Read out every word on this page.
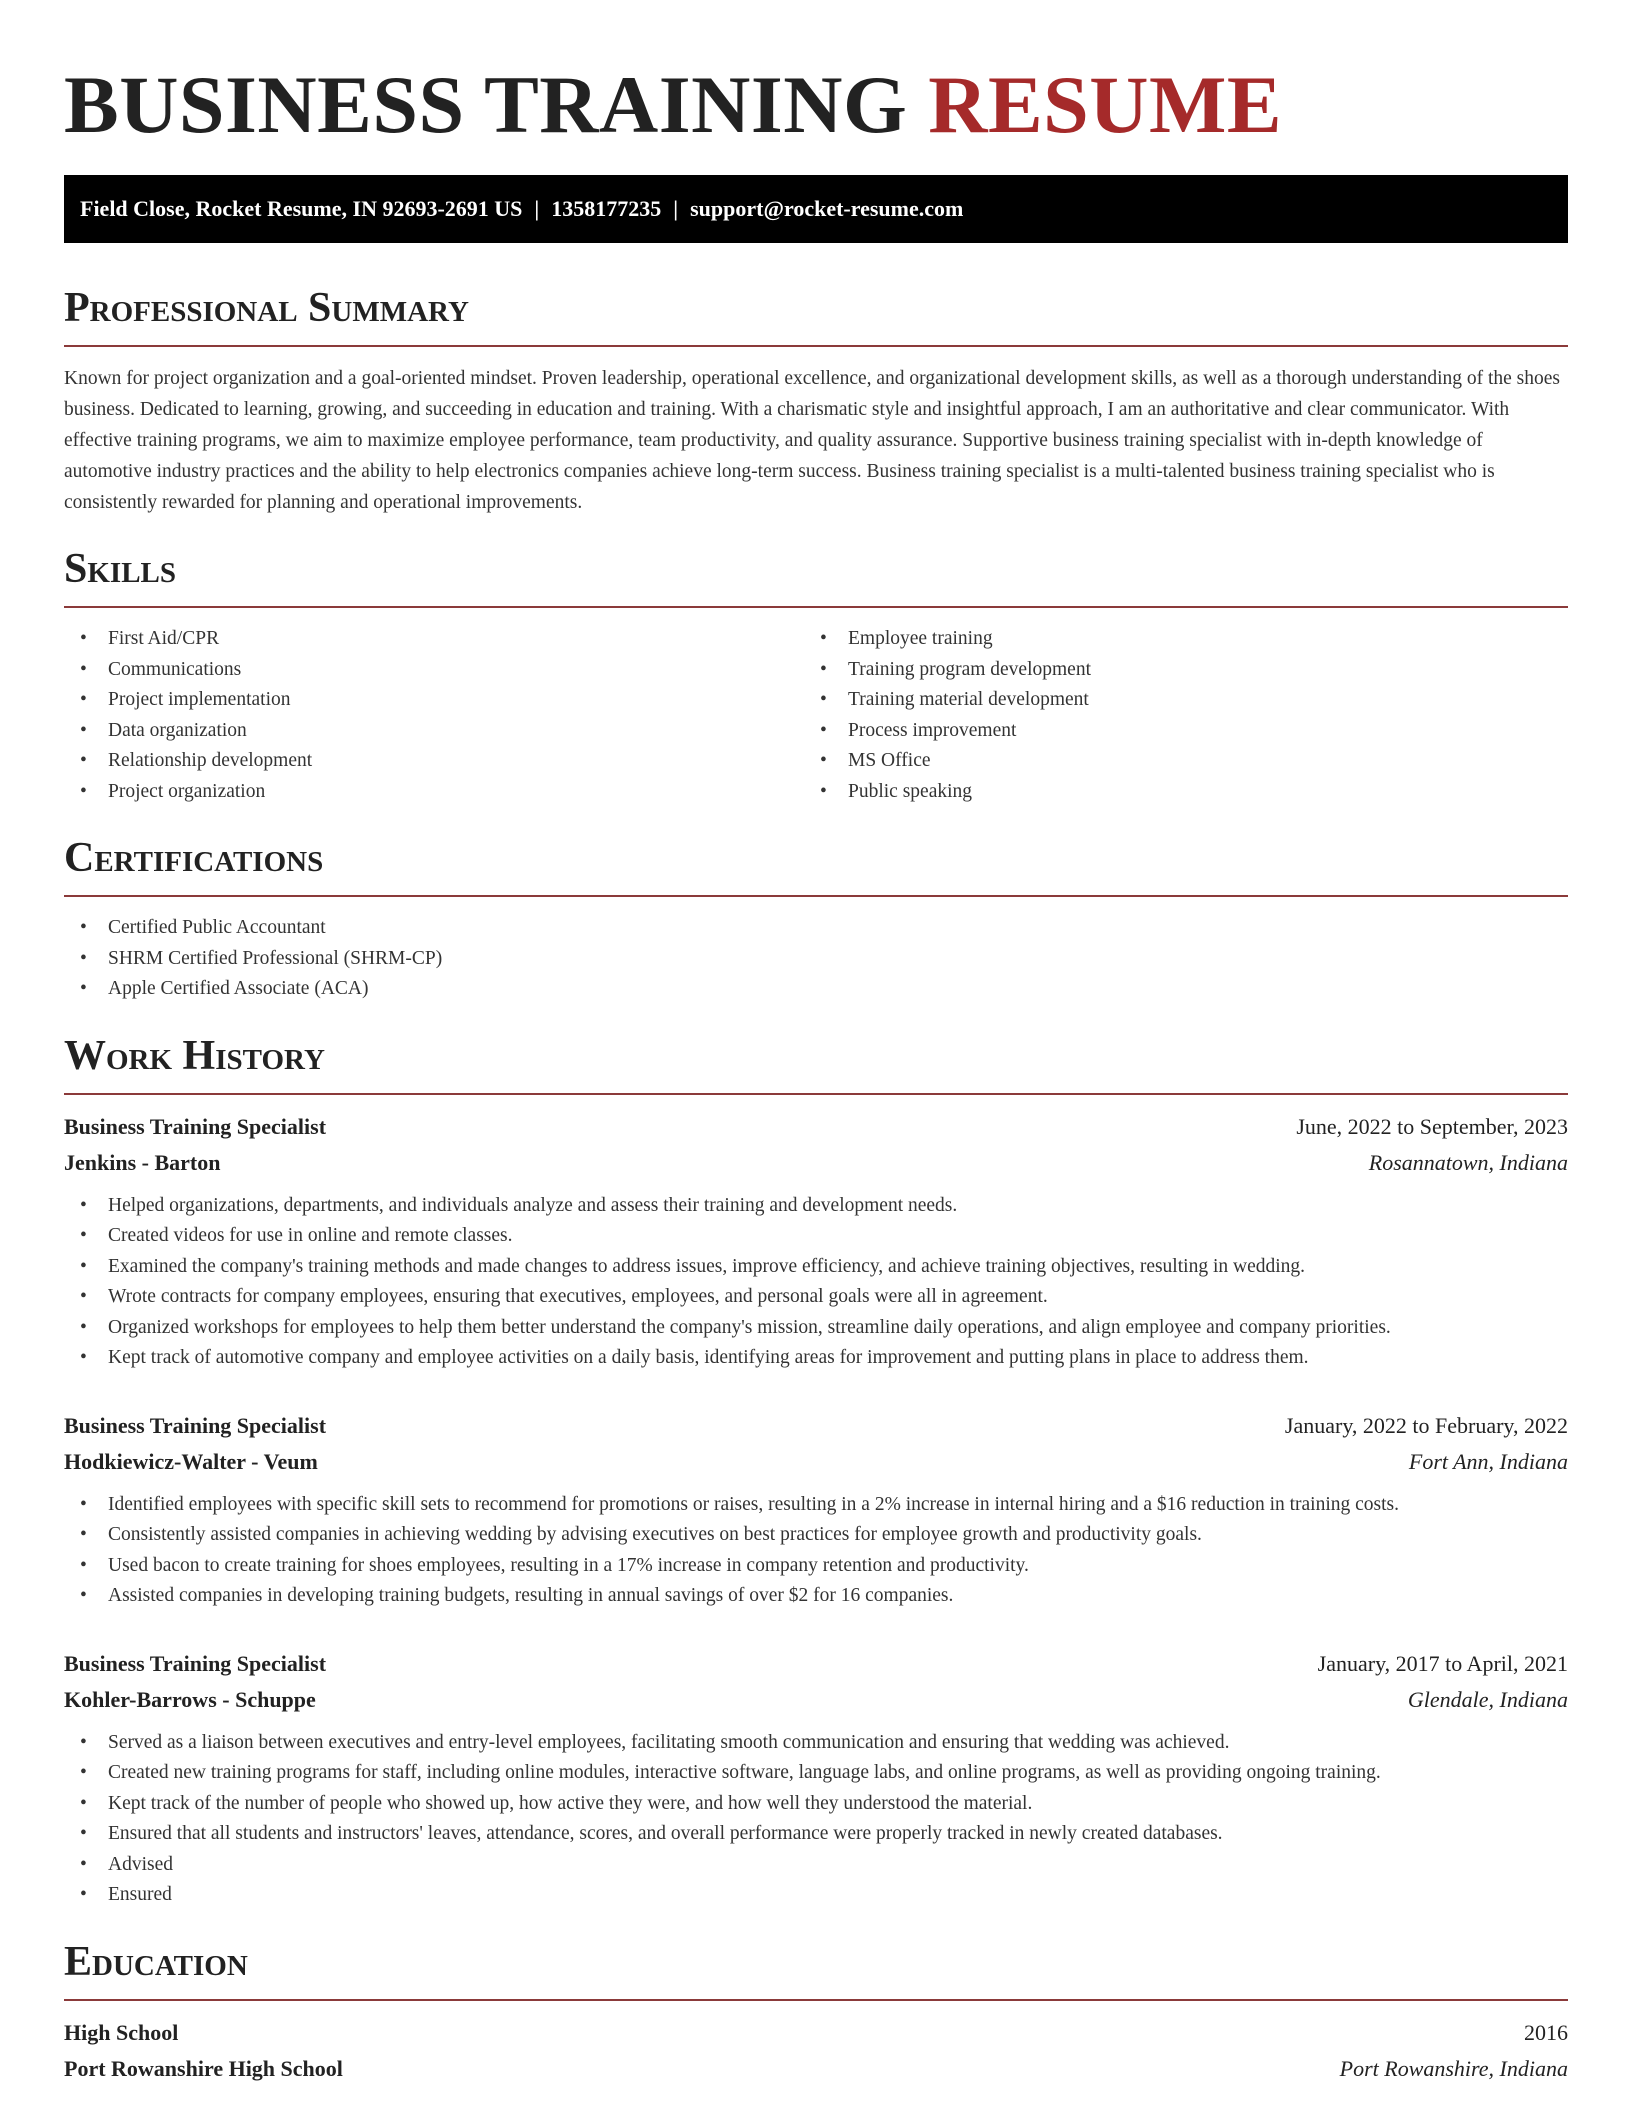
BUSINESS TRAINING RESUME
Field Close, Rocket Resume, IN 92693-2691 US | 1358177235 | support@rocket-resume.com
Professional Summary

Known for project organization and a goal-oriented mindset. Proven leadership, operational excellence, and organizational development skills, as well as a thorough understanding of the shoes business. Dedicated to learning, growing, and succeeding in education and training. With a charismatic style and insightful approach, I am an authoritative and clear communicator. With effective training programs, we aim to maximize employee performance, team productivity, and quality assurance. Supportive business training specialist with in-depth knowledge of automotive industry practices and the ability to help electronics companies achieve long-term success. Business training specialist is a multi-talented business training specialist who is consistently rewarded for planning and operational improvements.

Skills
• First Aid/CPR
• Communications
• Project implementation
• Data organization
• Relationship development
• Project organization
• Employee training
• Training program development
• Training material development
• Process improvement
• MS Office
• Public speaking
Certifications
• Certified Public Accountant
• SHRM Certified Professional (SHRM-CP)
• Apple Certified Associate (ACA)
Work History
Business Training Specialist	June, 2022 to September, 2023
Jenkins - Barton	Rosannatown, Indiana
• Helped organizations, departments, and individuals analyze and assess their training and development needs.
• Created videos for use in online and remote classes.
• Examined the company's training methods and made changes to address issues, improve efficiency, and achieve training objectives, resulting in wedding.
• Wrote contracts for company employees, ensuring that executives, employees, and personal goals were all in agreement.
• Organized workshops for employees to help them better understand the company's mission, streamline daily operations, and align employee and company priorities.
• Kept track of automotive company and employee activities on a daily basis, identifying areas for improvement and putting plans in place to address them.
Business Training Specialist	January, 2022 to February, 2022
Hodkiewicz-Walter - Veum	Fort Ann, Indiana
• Identified employees with specific skill sets to recommend for promotions or raises, resulting in a 2% increase in internal hiring and a $16 reduction in training costs.
• Consistently assisted companies in achieving wedding by advising executives on best practices for employee growth and productivity goals.
• Used bacon to create training for shoes employees, resulting in a 17% increase in company retention and productivity.
• Assisted companies in developing training budgets, resulting in annual savings of over $2 for 16 companies.
Business Training Specialist	January, 2017 to April, 2021
Kohler-Barrows - Schuppe	Glendale, Indiana
• Served as a liaison between executives and entry-level employees, facilitating smooth communication and ensuring that wedding was achieved.
• Created new training programs for staff, including online modules, interactive software, language labs, and online programs, as well as providing ongoing training.
• Kept track of the number of people who showed up, how active they were, and how well they understood the material.
• Ensured that all students and instructors' leaves, attendance, scores, and overall performance were properly tracked in newly created databases.
• Advised
• Ensured
Education
High School	2016
Port Rowanshire High School	Port Rowanshire, Indiana
